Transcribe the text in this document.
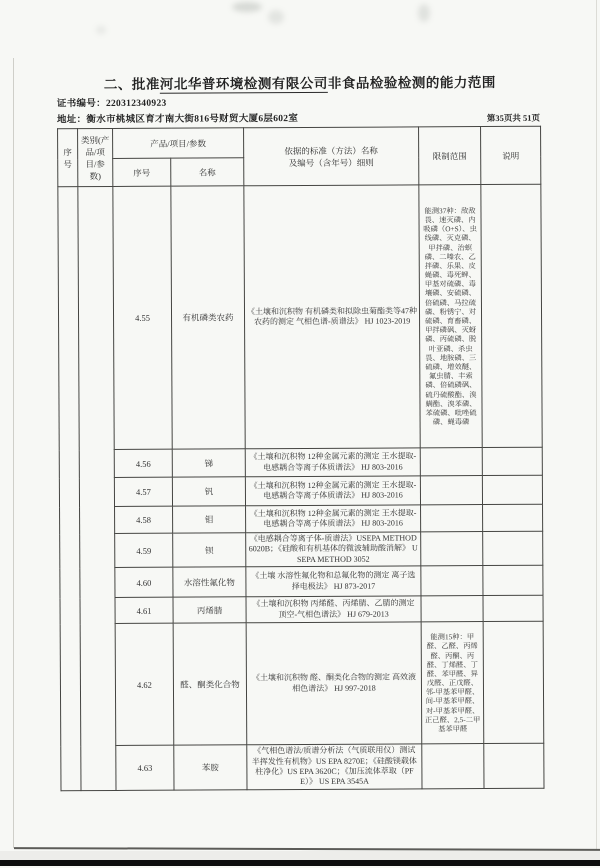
二、批准河北华普环境检测有限公司非食品检验检测的能力范围
证书编号：220312340923
地址：衡水市桃城区育才南大街816号财贸大厦6层602室	第35页共 51页
序号	类别(产品/项目/参数)	产品/项目/参数		依据的标准（方法）名称
及编号（含年号）细则	限制范围	说明
		序号	名称			
		4.55	有机磷类农药	《土壤和沉积物 有机磷类和拟除虫菊酯类等47种农药的测定 气相色谱-质谱法》 HJ 1023-2019	能测37种：敌敌畏、速灭磷、内吸磷（O+S）、虫线磷、灭克磷、甲拌磷、治螟磷、二嗪农、乙拌磷、乐果、皮蝇磷、毒死蜱、甲基对硫磷、毒壤磷、安硫磷、倍硫磷、马拉硫磷、粉锈宁、对硫磷、育畜磷、甲拌磷砜、灭蚜磷、丙硫磷、脱叶亚磷、杀虫畏、地胺磷、三硫磷、增效醚、氟虫腈、丰索磷、倍硫磷砜、硫丹硫酸酯、溴螨酯、溴苯磷、苯硫磷、吡唑硫磷、蝇毒磷	
		4.56	锑	《土壤和沉积物 12种金属元素的测定 王水提取-电感耦合等离子体质谱法》 HJ 803-2016		
		4.57	钒	《土壤和沉积物 12种金属元素的测定 王水提取-电感耦合等离子体质谱法》 HJ 803-2016		
		4.58	钼	《土壤和沉积物 12种金属元素的测定 王水提取-电感耦合等离子体质谱法》 HJ 803-2016		
		4.59	钡	《电感耦合等离子体-质谱法》USEPA METHOD 6020B；《硅酸和有机基体的微波辅助酸消解》 USEPA METHOD 3052		
		4.60	水溶性氟化物	《土壤 水溶性氟化物和总氟化物的测定 离子选择电极法》 HJ 873-2017		
		4.61	丙烯腈	《土壤和沉积物 丙烯醛、丙烯腈、乙腈的测定 顶空-气相色谱法》 HJ 679-2013		
		4.62	醛、酮类化合物	《土壤和沉积物 醛、酮类化合物的测定 高效液相色谱法》 HJ 997-2018	能测15种：甲醛、乙醛、丙烯醛、丙酮、丙醛、丁烯醛、丁醛、苯甲醛、异戊醛、正戊醛、邻-甲基苯甲醛、间-甲基苯甲醛、对-甲基苯甲醛、正己醛、2,5-二甲基苯甲醛	
		4.63	苯胺	《气相色谱法/质谱分析法（气质联用仪）测试半挥发性有机物》US EPA 8270E；《硅酸镁载体柱净化》US EPA 3620C；《加压流体萃取（PFE）》 US EPA 3545A		
